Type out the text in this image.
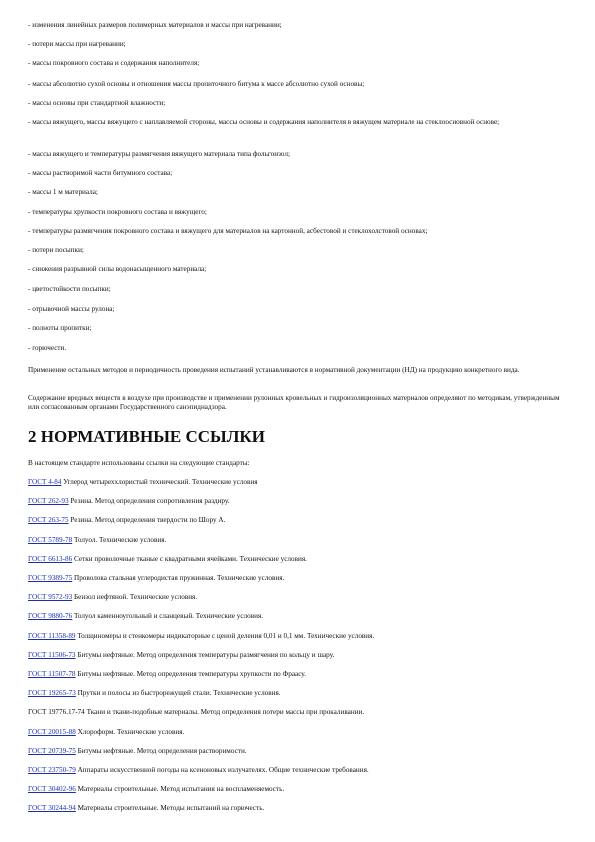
- изменения линейных размеров полимерных материалов и массы при нагревании;
- потери массы при нагревании;
- массы покровного состава и содержания наполнителя;
- массы абсолютно сухой основы и отношения массы пропиточного битума к массе абсолютно сухой основы;
- массы основы при стандартной влажности;
- массы вяжущего, массы вяжущего с наплавляемой стороны, массы основы и содержания наполнителя в вяжущем материале на стеклоосновной основе;
- массы вяжущего и температуры размягчения вяжущего материала типа фольгоизол;
- массы растворимой части битумного состава;
- массы 1 м материала;
- температуры хрупкости покровного состава и вяжущего;
- температуры размягчения покровного состава и вяжущего для материалов на картонной, асбестовой и стеклохолстовой основах;
- потери посыпки;
- снижения разрывной силы водонасыщенного материала;
- цветостойкости посыпки;
- отрывочной массы рулона;
- полноты пропитки;
- горючести.
Применение остальных методов и периодичность проведения испытаний устанавливаются в нормативной документации (НД) на продукцию конкретного вида.
Содержание вредных веществ в воздухе при производстве и применении рулонных кровельных и гидроизоляционных материалов определяют по методикам, утвержденным или согласованным органами Государственного санэпиднадзора.
2 НОРМАТИВНЫЕ ССЫЛКИ
В настоящем стандарте использованы ссылки на следующие стандарты:
ГОСТ 4-84 Углерод четыреххлористый технический. Технические условия
ГОСТ 262-93 Резина. Метод определения сопротивления раздиру.
ГОСТ 263-75 Резина. Метод определения твердости по Шору А.
ГОСТ 5789-78 Толуол. Технические условия.
ГОСТ 6613-86 Сетки проволочные тканые с квадратными ячейками. Технические условия.
ГОСТ 9389-75 Проволока стальная углеродистая пружинная. Технические условия.
ГОСТ 9572-93 Бензол нефтяной. Технические условия.
ГОСТ 9880-76 Толуол каменноугольный и сланцевый. Технические условия.
ГОСТ 11358-89 Толщиномеры и стенкомеры индикаторные с ценой деления 0,01 и 0,1 мм. Технические условия.
ГОСТ 11506-73 Битумы нефтяные. Метод определения температуры размягчения по кольцу и шару.
ГОСТ 11507-78 Битумы нефтяные. Метод определения температуры хрупкости по Фраасу.
ГОСТ 19265-73 Прутки и полосы из быстрорежущей стали. Технические условия.
ГОСТ 19776.17-74 Ткани и ткани-подобные материалы. Метод определения потери массы при прокаливании.
ГОСТ 20015-88 Хлороформ. Технические условия.
ГОСТ 20739-75 Битумы нефтяные. Метод определения растворимости.
ГОСТ 23750-79 Аппараты искусственной погоды на ксеноновых излучателях. Общие технические требования.
ГОСТ 30402-96 Материалы строительные. Метод испытания на воспламеняемость.
ГОСТ 30244-94 Материалы строительные. Методы испытаний на горючесть.
